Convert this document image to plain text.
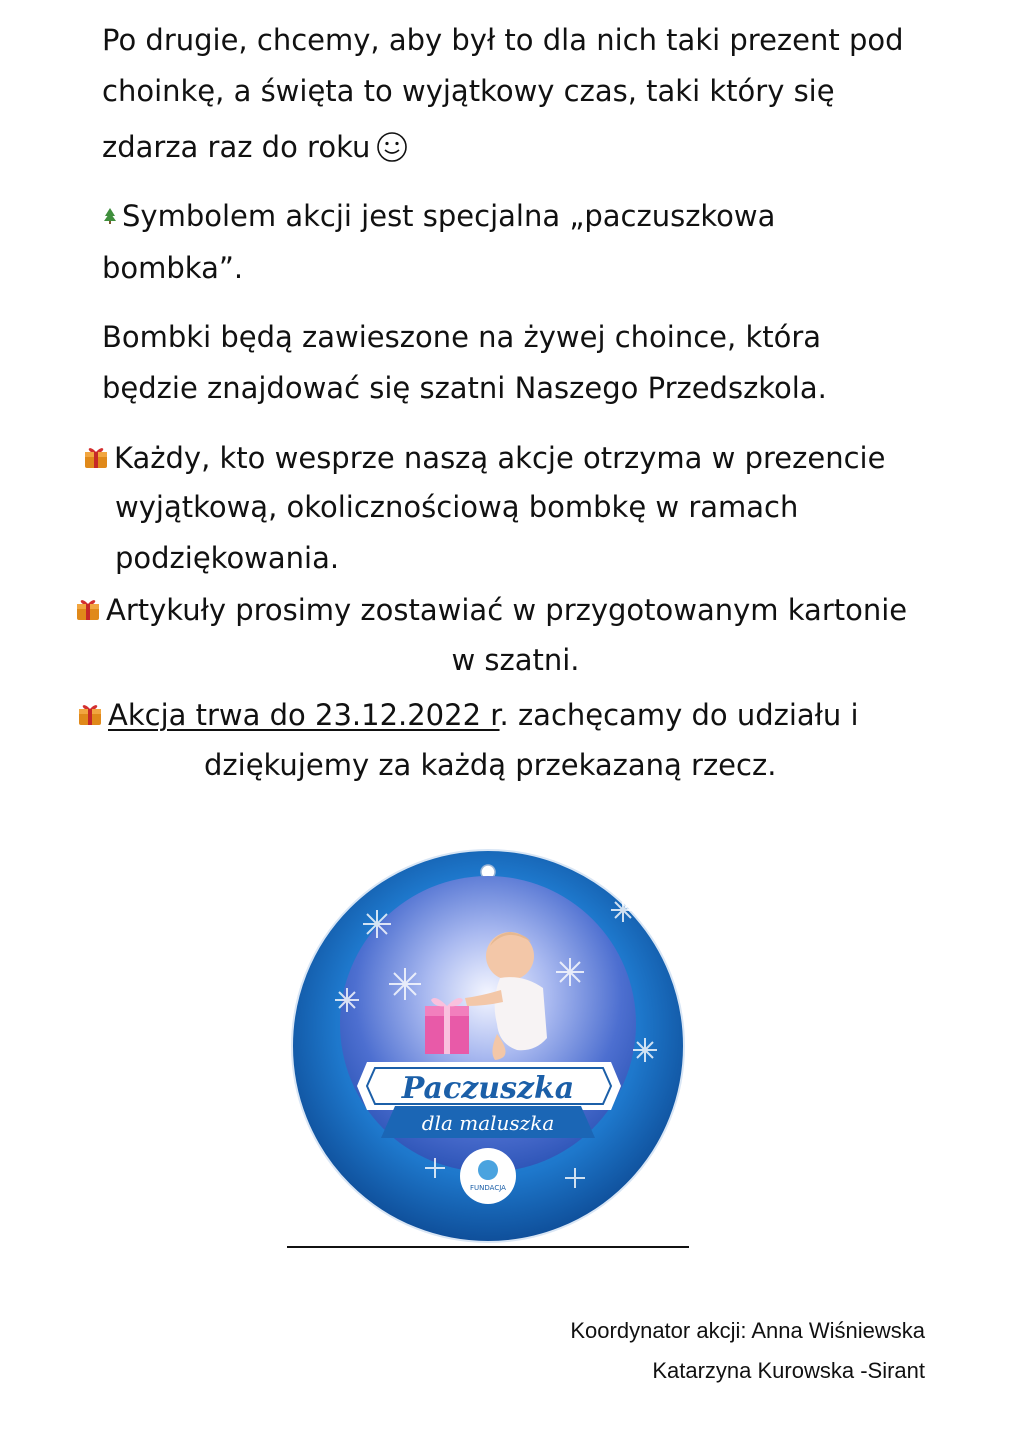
Po drugie, chcemy, aby był to dla nich taki prezent pod
choinkę, a święta to wyjątkowy czas, taki który się
zdarza raz do roku
Symbolem akcji jest specjalna „paczuszkowa
bombka”.
Bombki będą zawieszone na żywej choince, która
będzie znajdować się szatni Naszego Przedszkola.
Każdy, kto wesprze naszą akcje otrzyma w prezencie
wyjątkową, okolicznościową bombkę w ramach
podziękowania.
Artykuły prosimy zostawiać w przygotowanym kartonie
w szatni.
Akcja trwa do 23.12.2022 r. zachęcamy do udziału i
dziękujemy za każdą przekazaną rzecz.
Paczuszka
dla maluszka
FUNDACJA
Koordynator akcji: Anna Wiśniewska
Katarzyna Kurowska -Sirant
